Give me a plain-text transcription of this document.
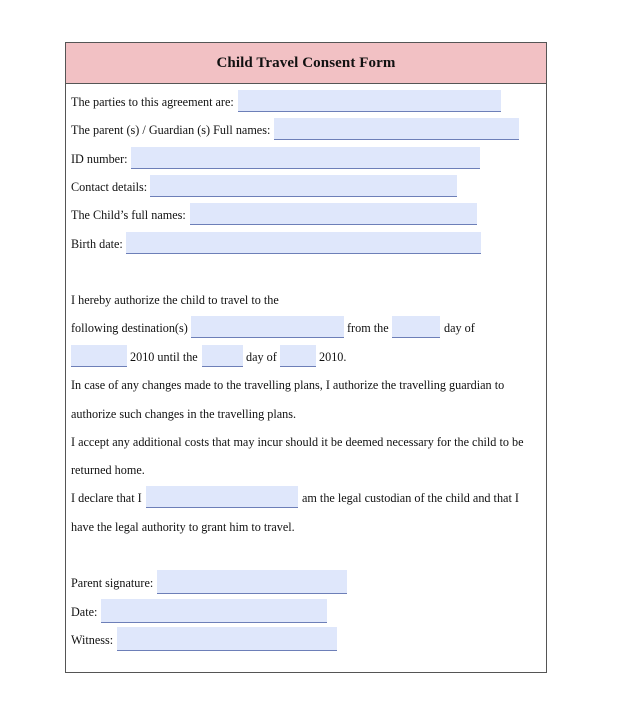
Child Travel Consent Form
The parties to this agreement are:
The parent (s) / Guardian (s) Full names:
ID number:
Contact details:
The Child’s full names:
Birth date:
I hereby authorize the child to travel to the
following destination(s)	from the	day of
2010 until the	day of	2010.
In case of any changes made to the travelling plans, I authorize the travelling guardian to
authorize such changes in the travelling plans.
I accept any additional costs that may incur should it be deemed necessary for the child to be
returned home.
I declare that I	am the legal custodian of the child and that I
have the legal authority to grant him to travel.
Parent signature:
Date:
Witness:
